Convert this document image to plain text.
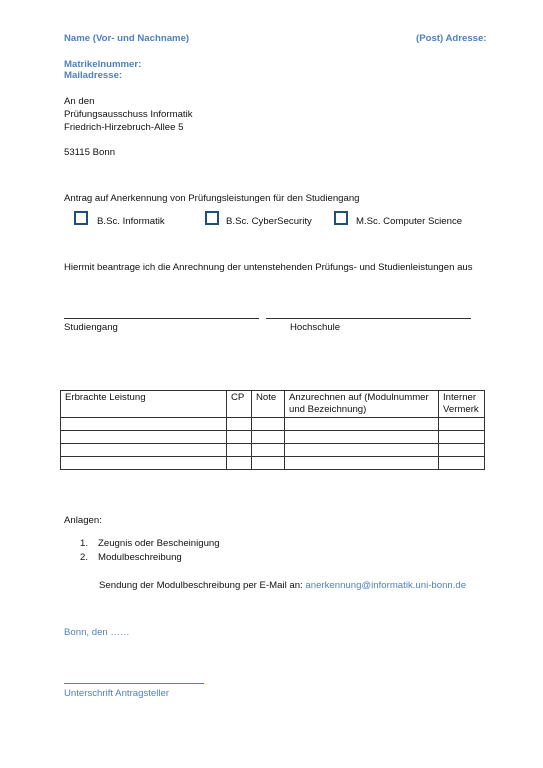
Name (Vor- und Nachname)	(Post) Adresse:
Matrikelnummer:
Mailadresse:
An den
Prüfungsausschuss Informatik
Friedrich-Hirzebruch-Allee 5
53115 Bonn
Antrag auf Anerkennung von Prüfungsleistungen für den Studiengang
B.Sc. Informatik	B.Sc. CyberSecurity	M.Sc. Computer Science
Hiermit beantrage ich die Anrechnung der untenstehenden Prüfungs- und Studienleistungen aus
Studiengang	Hochschule
Erbrachte Leistung	CP	Note	Anzurechnen auf (Modulnummer und Bezeichnung)	Interner Vermerk

Anlagen:
1. Zeugnis oder Bescheinigung
2. Modulbeschreibung
Sendung der Modulbeschreibung per E-Mail an: anerkennung@informatik.uni-bonn.de
Bonn, den ……
Unterschrift Antragsteller
